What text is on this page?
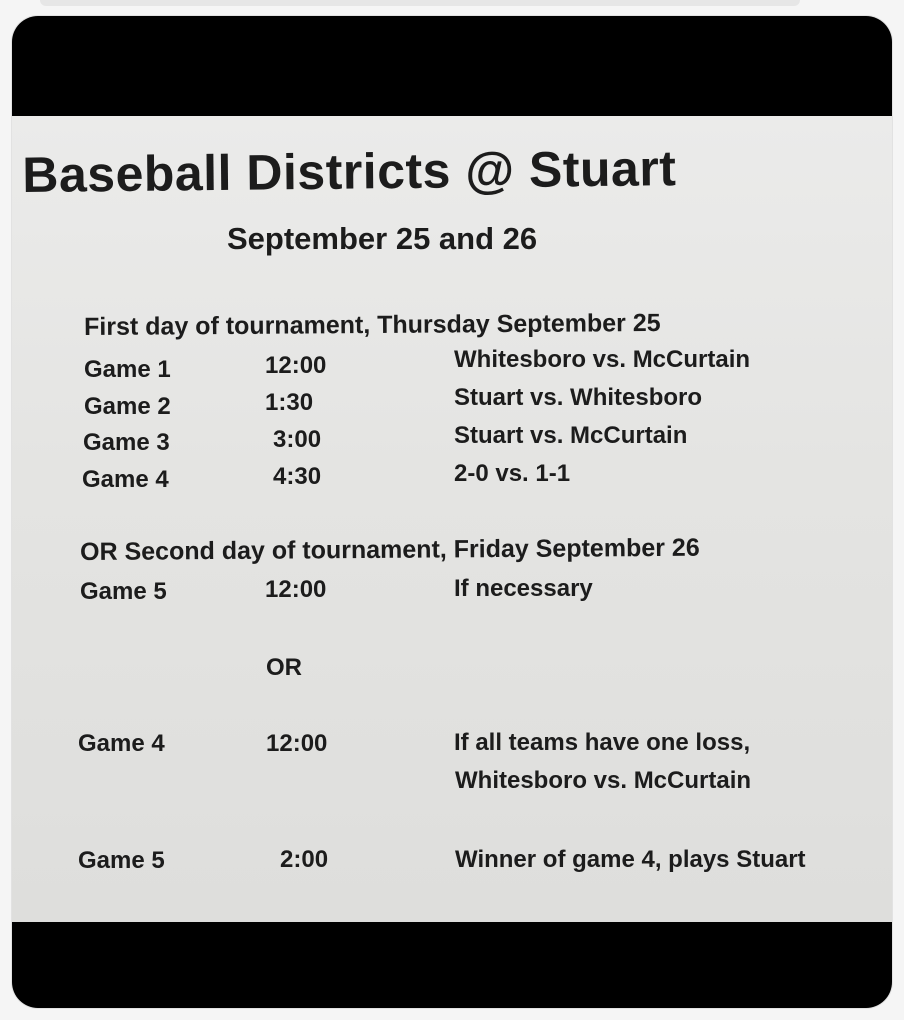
Baseball Districts @ Stuart
September 25 and 26
First day of tournament, Thursday September 25
Game 1	12:00	Whitesboro vs. McCurtain
Game 2	1:30	Stuart vs. Whitesboro
Game 3	3:00	Stuart vs. McCurtain
Game 4	4:30	2-0 vs. 1-1
OR Second day of tournament, Friday September 26
Game 5	12:00	If necessary
OR
Game 4	12:00	If all teams have one loss,
Whitesboro vs. McCurtain
Game 5	2:00	Winner of game 4, plays Stuart
